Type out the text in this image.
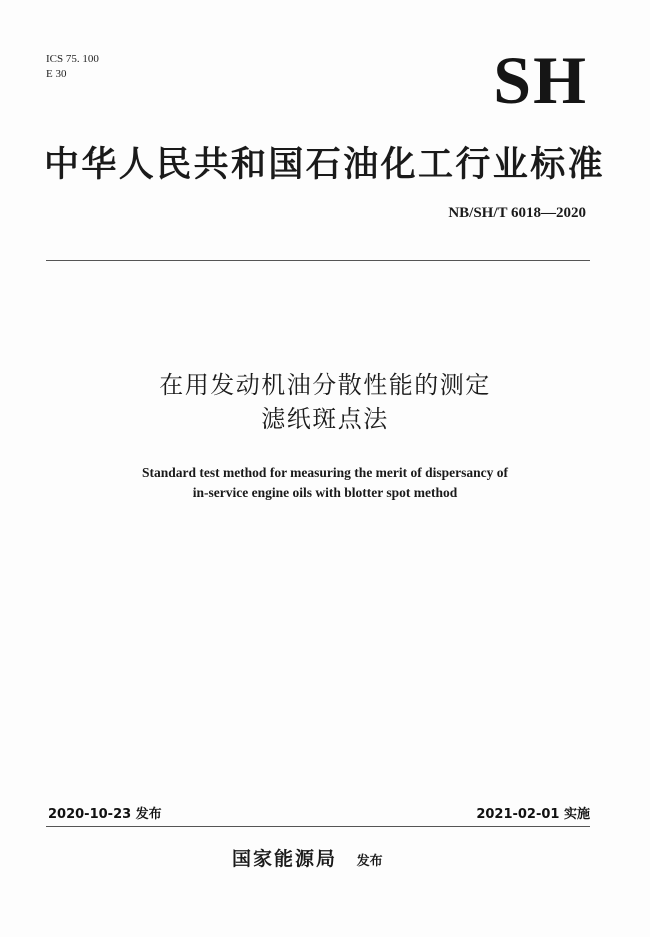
ICS 75. 100
E 30	SH
中华人民共和国石油化工行业标准
NB/SH/T 6018—2020
在用发动机油分散性能的测定
滤纸斑点法
Standard test method for measuring the merit of dispersancy of
in-service engine oils with blotter spot method
2020-10-23 发布	2021-02-01 实施
国家能源局 发布
